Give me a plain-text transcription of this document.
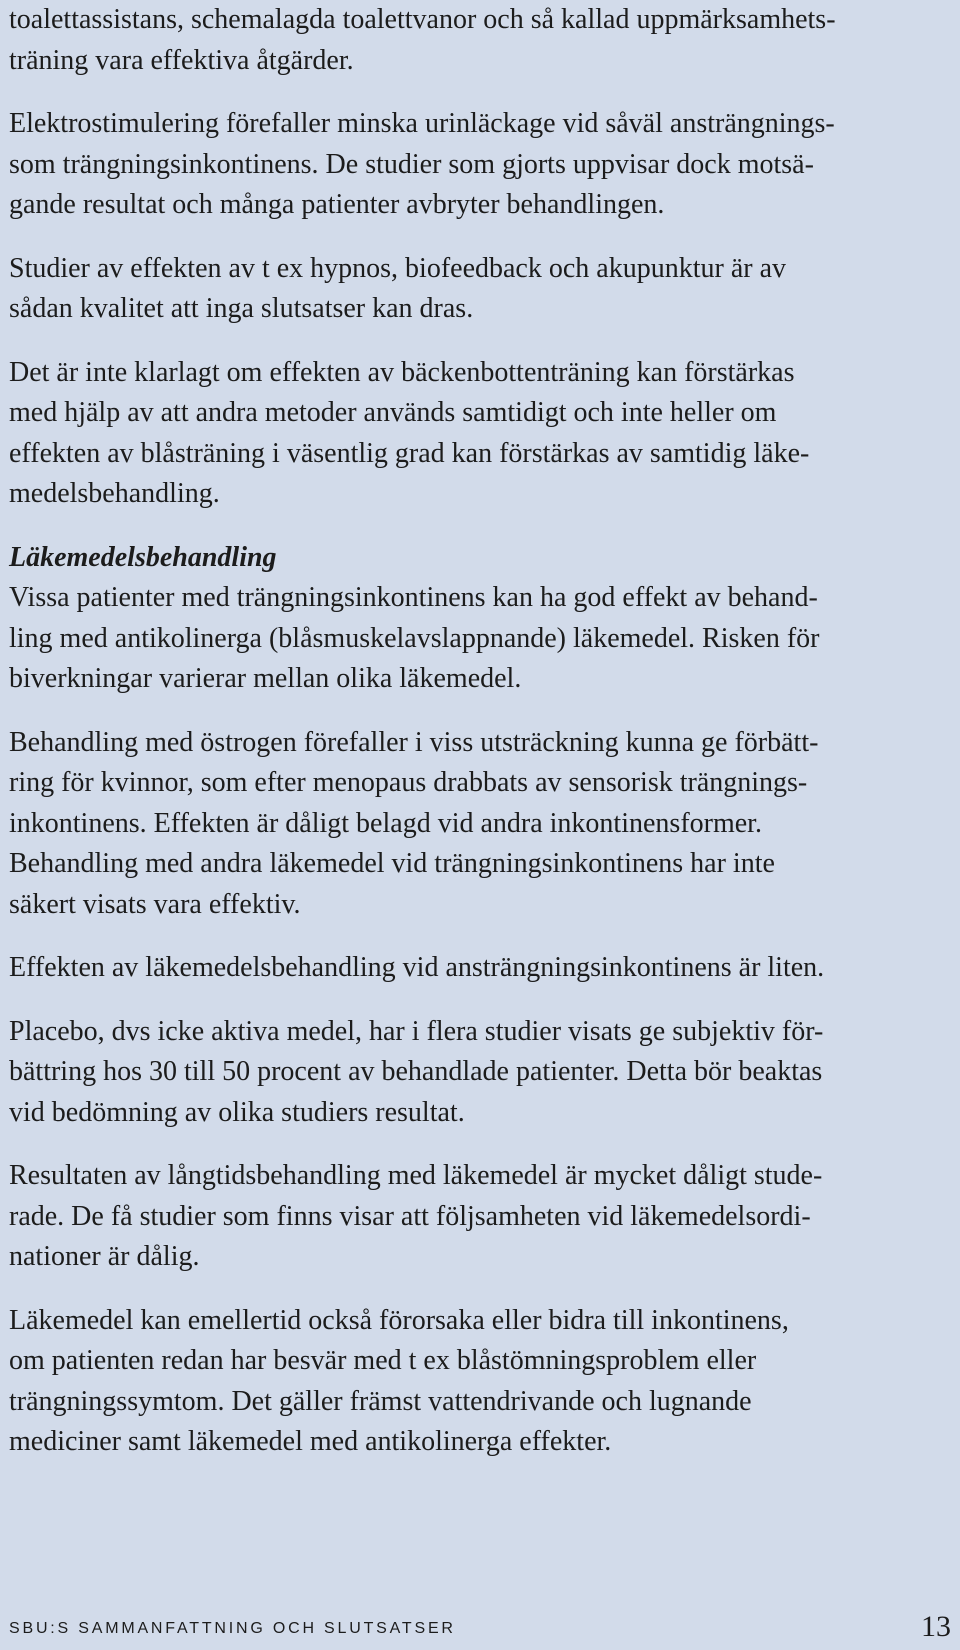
toalettassistans, schemalagda toalettvanor och så kallad uppmärksamhets-
träning vara effektiva åtgärder.

Elektrostimulering förefaller minska urinläckage vid såväl ansträngnings-
som trängningsinkontinens. De studier som gjorts uppvisar dock motsä-
gande resultat och många patienter avbryter behandlingen.

Studier av effekten av t ex hypnos, biofeedback och akupunktur är av
sådan kvalitet att inga slutsatser kan dras.

Det är inte klarlagt om effekten av bäckenbottenträning kan förstärkas
med hjälp av att andra metoder används samtidigt och inte heller om
effekten av blåsträning i väsentlig grad kan förstärkas av samtidig läke-
medelsbehandling.

Läkemedelsbehandling

Vissa patienter med trängningsinkontinens kan ha god effekt av behand-
ling med antikolinerga (blåsmuskelavslappnande) läkemedel. Risken för
biverkningar varierar mellan olika läkemedel.

Behandling med östrogen förefaller i viss utsträckning kunna ge förbätt-
ring för kvinnor, som efter menopaus drabbats av sensorisk trängnings-
inkontinens. Effekten är dåligt belagd vid andra inkontinensformer.
Behandling med andra läkemedel vid trängningsinkontinens har inte
säkert visats vara effektiv.

Effekten av läkemedelsbehandling vid ansträngningsinkontinens är liten.

Placebo, dvs icke aktiva medel, har i flera studier visats ge subjektiv för-
bättring hos 30 till 50 procent av behandlade patienter. Detta bör beaktas
vid bedömning av olika studiers resultat.

Resultaten av långtidsbehandling med läkemedel är mycket dåligt stude-
rade. De få studier som finns visar att följsamheten vid läkemedelsordi-
nationer är dålig.

Läkemedel kan emellertid också förorsaka eller bidra till inkontinens,
om patienten redan har besvär med t ex blåstömningsproblem eller
trängningssymtom. Det gäller främst vattendrivande och lugnande
mediciner samt läkemedel med antikolinerga effekter.

SBU:S SAMMANFATTNING OCH SLUTSATSER	13
